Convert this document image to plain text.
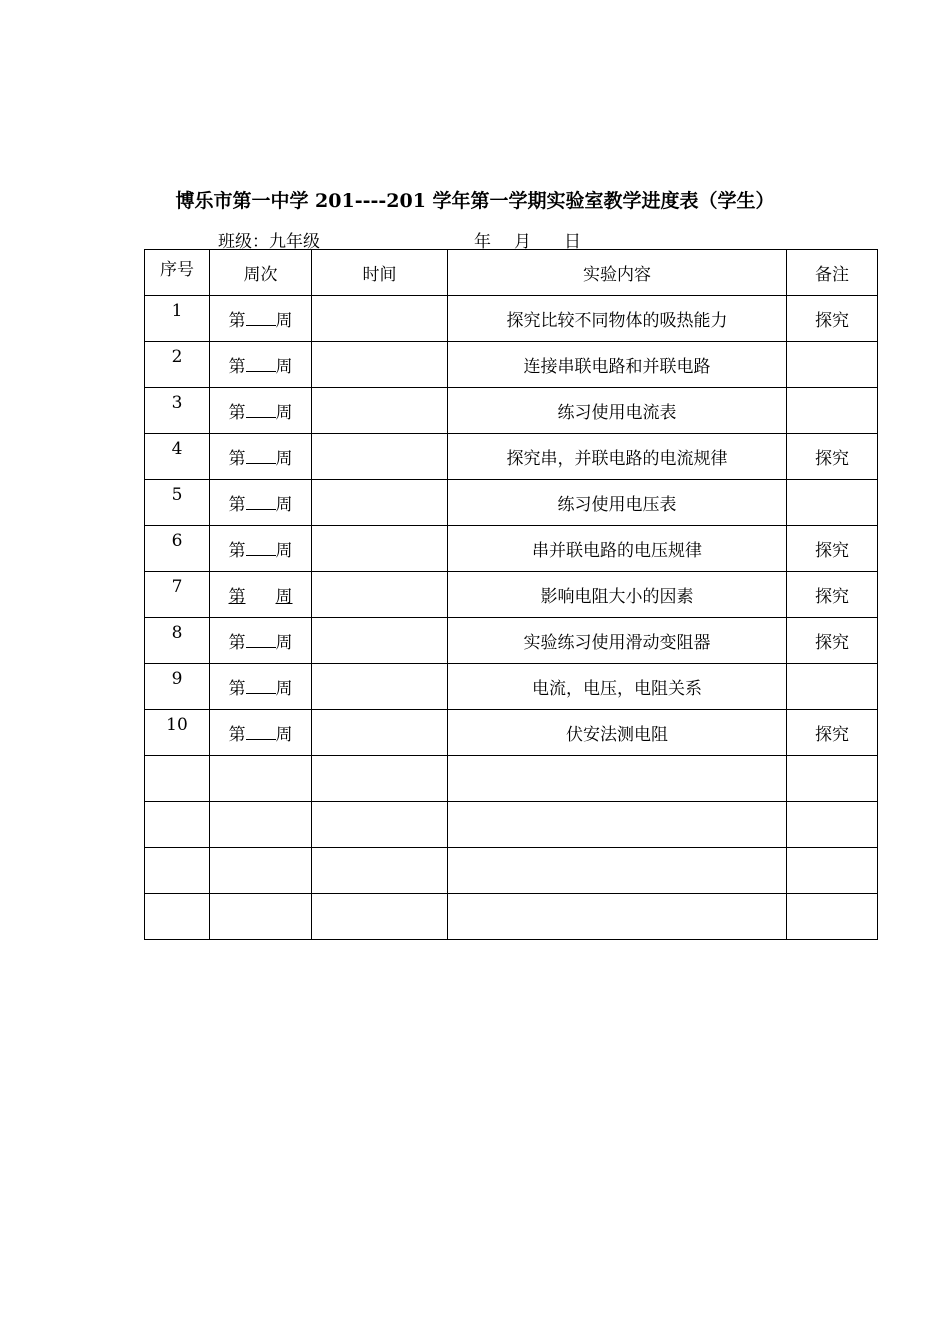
博乐市第一中学 201----201 学年第一学期实验室教学进度表（学生）
班级：九年级	年 月 日
序号	周次	时间	实验内容	备注
1	第 周		探究比较不同物体的吸热能力	探究
2	第 周		连接串联电路和并联电路	
3	第 周		练习使用电流表	
4	第 周		探究串，并联电路的电流规律	探究
5	第 周		练习使用电压表	
6	第 周		串并联电路的电压规律	探究
7	第 周		影响电阻大小的因素	探究
8	第 周		实验练习使用滑动变阻器	探究
9	第 周		电流，电压，电阻关系	
10	第 周		伏安法测电阻	探究
